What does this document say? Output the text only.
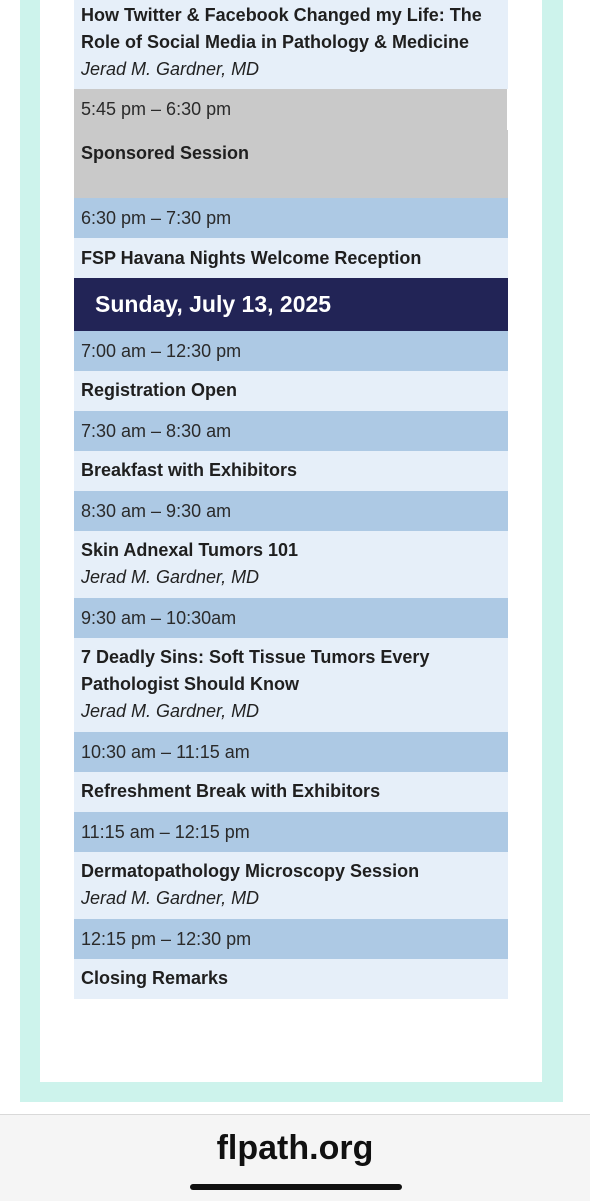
How Twitter & Facebook Changed my Life: The Role of Social Media in Pathology & Medicine
Jerad M. Gardner, MD
5:45 pm – 6:30 pm
Sponsored Session
6:30 pm – 7:30 pm
FSP Havana Nights Welcome Reception
Sunday, July 13, 2025
7:00 am – 12:30 pm
Registration Open
7:30 am – 8:30 am
Breakfast with Exhibitors
8:30 am – 9:30 am
Skin Adnexal Tumors 101
Jerad M. Gardner, MD
9:30 am – 10:30am
7 Deadly Sins: Soft Tissue Tumors Every Pathologist Should Know
Jerad M. Gardner, MD
10:30 am – 11:15 am
Refreshment Break with Exhibitors
11:15 am – 12:15 pm
Dermatopathology Microscopy Session
Jerad M. Gardner, MD
12:15 pm – 12:30 pm
Closing Remarks
flpath.org
